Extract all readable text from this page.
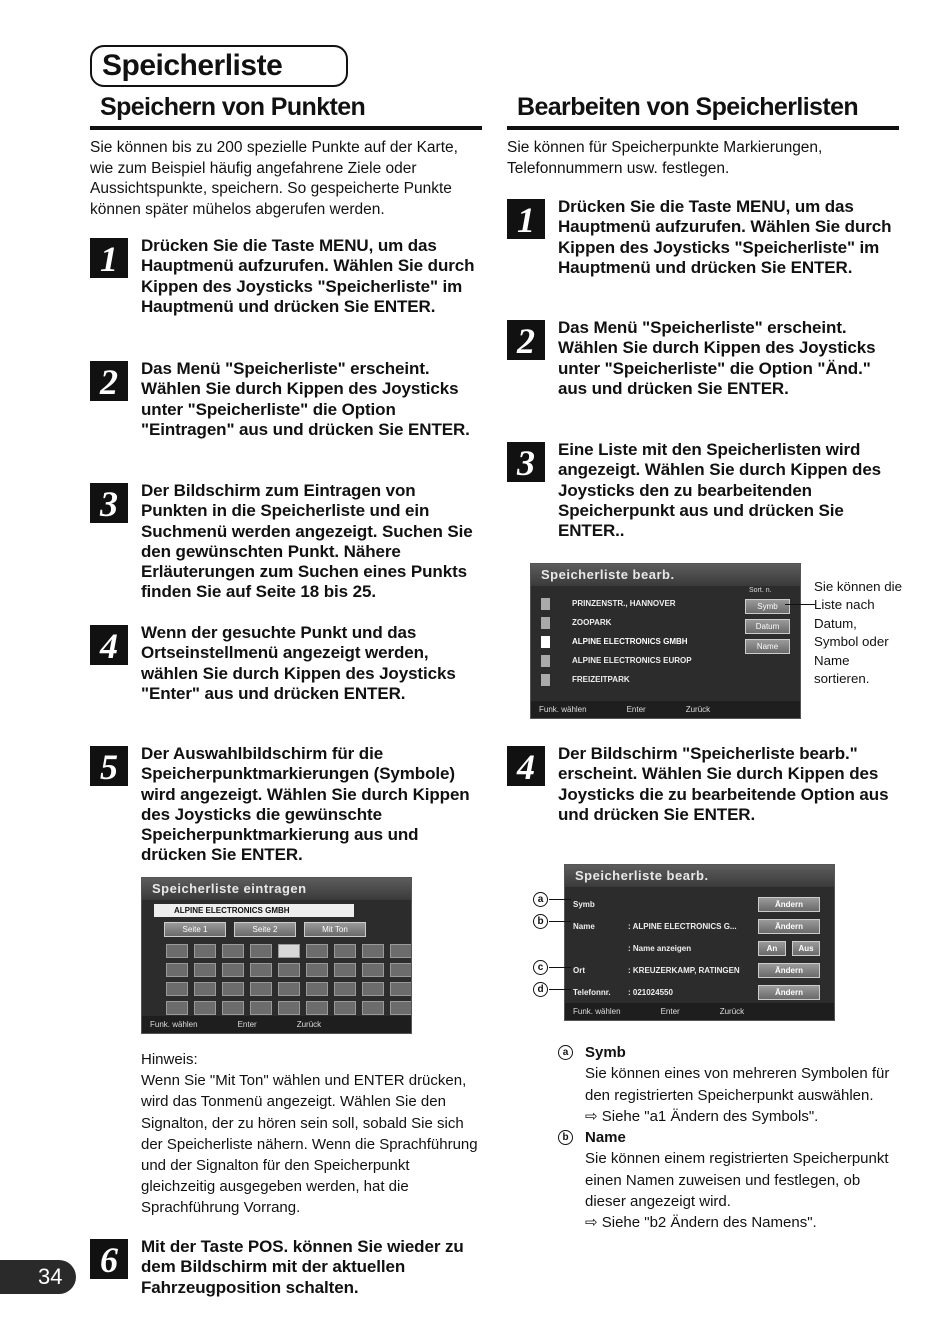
Speicherliste
Speichern von Punkten
Sie können bis zu 200 spezielle Punkte auf der Karte, wie zum Beispiel häufig angefahrene Ziele oder Aussichtspunkte, speichern. So gespeicherte Punkte können später mühelos abgerufen werden.
1	Drücken Sie die Taste MENU, um das Hauptmenü aufzurufen. Wählen Sie durch Kippen des Joysticks "Speicherliste" im Hauptmenü und drücken Sie ENTER.
2	Das Menü "Speicherliste" erscheint. Wählen Sie durch Kippen des Joysticks unter "Speicherliste" die Option "Eintragen" aus und drücken Sie ENTER.
3	Der Bildschirm zum Eintragen von Punkten in die Speicherliste und ein Suchmenü werden angezeigt. Suchen Sie den gewünschten Punkt. Nähere Erläuterungen zum Suchen eines Punkts finden Sie auf Seite 18 bis 25.
4	Wenn der gesuchte Punkt und das Ortseinstellmenü angezeigt werden, wählen Sie durch Kippen des Joysticks "Enter" aus und drücken ENTER.
5	Der Auswahlbildschirm für die Speicherpunktmarkierungen (Symbole) wird angezeigt. Wählen Sie durch Kippen des Joysticks die gewünschte Speicherpunktmarkierung aus und drücken Sie ENTER.
Speicherliste eintragen
ALPINE ELECTRONICS GMBH
Seite 1	Seite 2	Mit Ton
Funk. wählen	Enter	Zurück
Hinweis:
Wenn Sie "Mit Ton" wählen und ENTER drücken, wird das Tonmenü angezeigt. Wählen Sie den Signalton, der zu hören sein soll, sobald Sie sich der Speicherliste nähern. Wenn die Sprachführung und der Signalton für den Speicherpunkt gleichzeitig ausgegeben werden, hat die Sprachführung Vorrang.
6	Mit der Taste POS. können Sie wieder zu dem Bildschirm mit der aktuellen Fahrzeugposition schalten.
Bearbeiten von Speicherlisten
Sie können für Speicherpunkte Markierungen, Telefonnummern usw. festlegen.
1	Drücken Sie die Taste MENU, um das Hauptmenü aufzurufen. Wählen Sie durch Kippen des Joysticks "Speicherliste" im Hauptmenü und drücken Sie ENTER.
2	Das Menü "Speicherliste" erscheint. Wählen Sie durch Kippen des Joysticks unter "Speicherliste" die Option "Änd." aus und drücken Sie ENTER.
3	Eine Liste mit den Speicherlisten wird angezeigt. Wählen Sie durch Kippen des Joysticks den zu bearbeitenden Speicherpunkt aus und drücken Sie ENTER..
Speicherliste bearb.
PRINZENSTR., HANNOVER
ZOOPARK
ALPINE ELECTRONICS GMBH
ALPINE ELECTRONICS EUROP
FREIZEITPARK
Sort. n.
Symb
Datum
Name
Funk. wählen	Enter	Zurück
Sie können die Liste nach Datum, Symbol oder Name sortieren.
4	Der Bildschirm "Speicherliste bearb." erscheint. Wählen Sie durch Kippen des Joysticks die zu bearbeitende Option aus und drücken Sie ENTER.
Speicherliste bearb.
Symb	Ändern
Name	: ALPINE ELECTRONICS G...	Ändern
: Name anzeigen	An	Aus
Ort	: KREUZERKAMP, RATINGEN	Ändern
Telefonnr.	: 021024550	Ändern
Funk. wählen	Enter	Zurück
a
b
c
d
a	Symb
Sie können eines von mehreren Symbolen für den registrierten Speicherpunkt auswählen.
⇨ Siehe "a1 Ändern des Symbols".
b	Name
Sie können einem registrierten Speicherpunkt einen Namen zuweisen und festlegen, ob dieser angezeigt wird.
⇨ Siehe "b2 Ändern des Namens".
34
